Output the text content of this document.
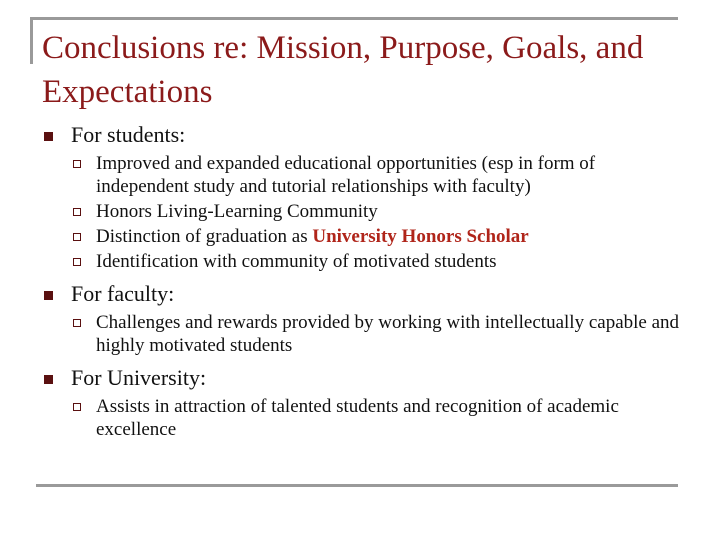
Conclusions re: Mission, Purpose, Goals, and Expectations
For students:
Improved and expanded educational opportunities (esp in form of independent study and tutorial relationships with faculty)
Honors Living-Learning Community
Distinction of graduation as University Honors Scholar
Identification with community of motivated students
For faculty:
Challenges and rewards provided by working with intellectually capable and highly motivated students
For University:
Assists in attraction of talented students and recognition of academic excellence
